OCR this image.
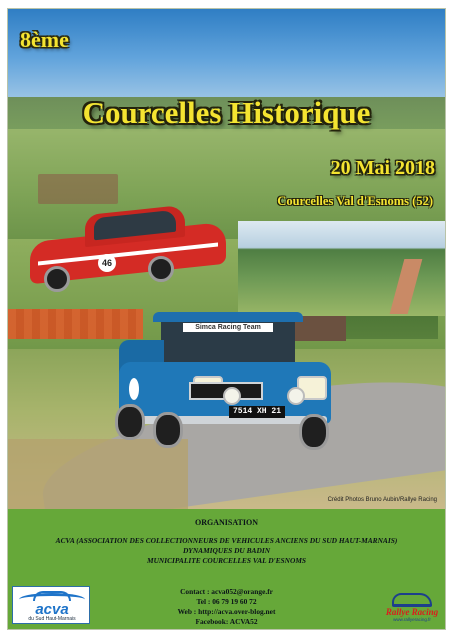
46
Simca Racing Team
7514 XH 21
8ème
Courcelles Historique
20 Mai 2018
Courcelles Val d'Esnoms (52)
Crédit Photos Bruno Aubin/Rallye Racing
ORGANISATION
ACVA (ASSOCIATION DES COLLECTIONNEURS DE VEHICULES ANCIENS DU SUD HAUT-MARNAIS)
DYNAMIQUES DU BADIN
MUNICIPALITE COURCELLES VAL D'ESNOMS
Contact : acva052@orange.fr
Tel : 06 79 19 60 72
Web : http://acva.over-blog.net
Facebook: ACVA52
acva
du Sud Haut-Marnais
Rallye Racing
www.rallyeracing.fr
